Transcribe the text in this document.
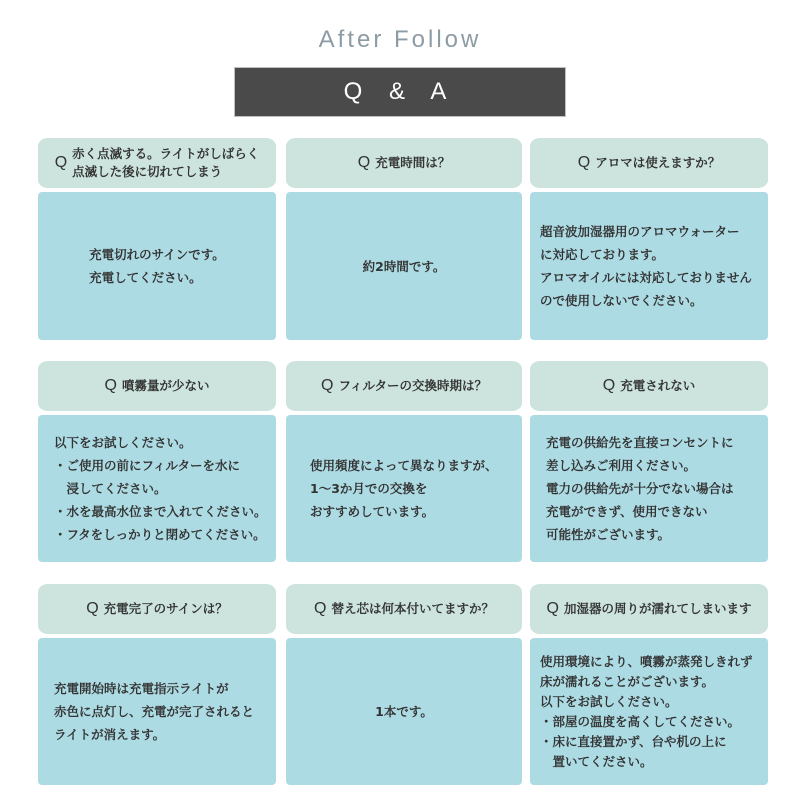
After Follow
Q & A
Q
赤く点滅する。ライトがしばらく
点滅した後に切れてしまう
充電切れのサインです。
充電してください。
Q 充電時間は？
約2時間です。
Q アロマは使えますか？
超音波加湿器用のアロマウォーター
に対応しております。
アロマオイルには対応しておりません
ので使用しないでください。
Q 噴霧量が少ない
以下をお試しください。
・ご使用の前にフィルターを水に
　浸してください。
・水を最高水位まで入れてください。
・フタをしっかりと閉めてください。
Q フィルターの交換時期は？
使用頻度によって異なりますが、
1〜3か月での交換を
おすすめしています。
Q 充電されない
充電の供給先を直接コンセントに
差し込みご利用ください。
電力の供給先が十分でない場合は
充電ができず、使用できない
可能性がございます。
Q 充電完了のサインは？
充電開始時は充電指示ライトが
赤色に点灯し、充電が完了されると
ライトが消えます。
Q 替え芯は何本付いてますか？
1本です。
Q 加湿器の周りが濡れてしまいます
使用環境により、噴霧が蒸発しきれず
床が濡れることがございます。
以下をお試しください。
・部屋の温度を高くしてください。
・床に直接置かず、台や机の上に
　置いてください。
